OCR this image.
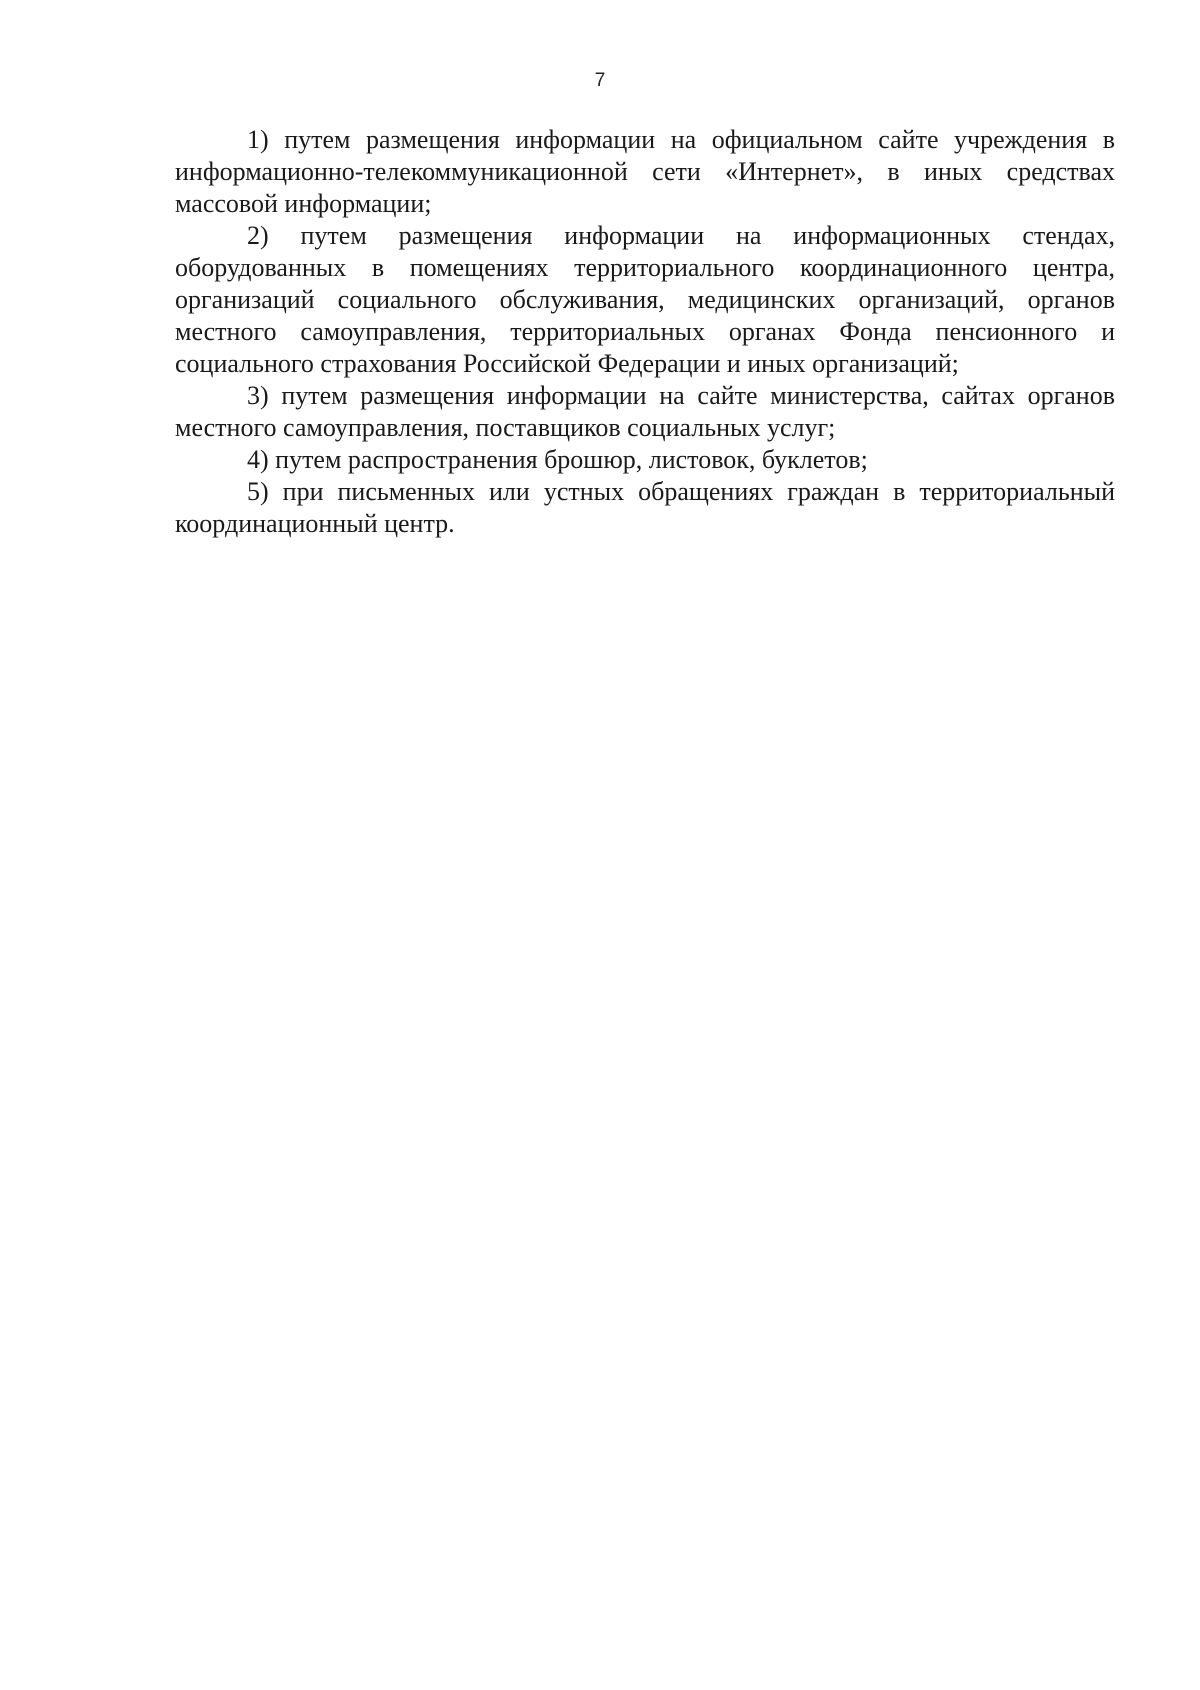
7

1) путем размещения информации на официальном сайте учреждения в информационно-телекоммуникационной сети «Интернет», в иных средствах массовой информации;

2) путем размещения информации на информационных стендах, оборудованных в помещениях территориального координационного центра, организаций социального обслуживания, медицинских организаций, органов местного самоуправления, территориальных органах Фонда пенсионного и социального страхования Российской Федерации и иных организаций;

3) путем размещения информации на сайте министерства, сайтах органов местного самоуправления, поставщиков социальных услуг;

4) путем распространения брошюр, листовок, буклетов;

5) при письменных или устных обращениях граждан в территориальный координационный центр.
